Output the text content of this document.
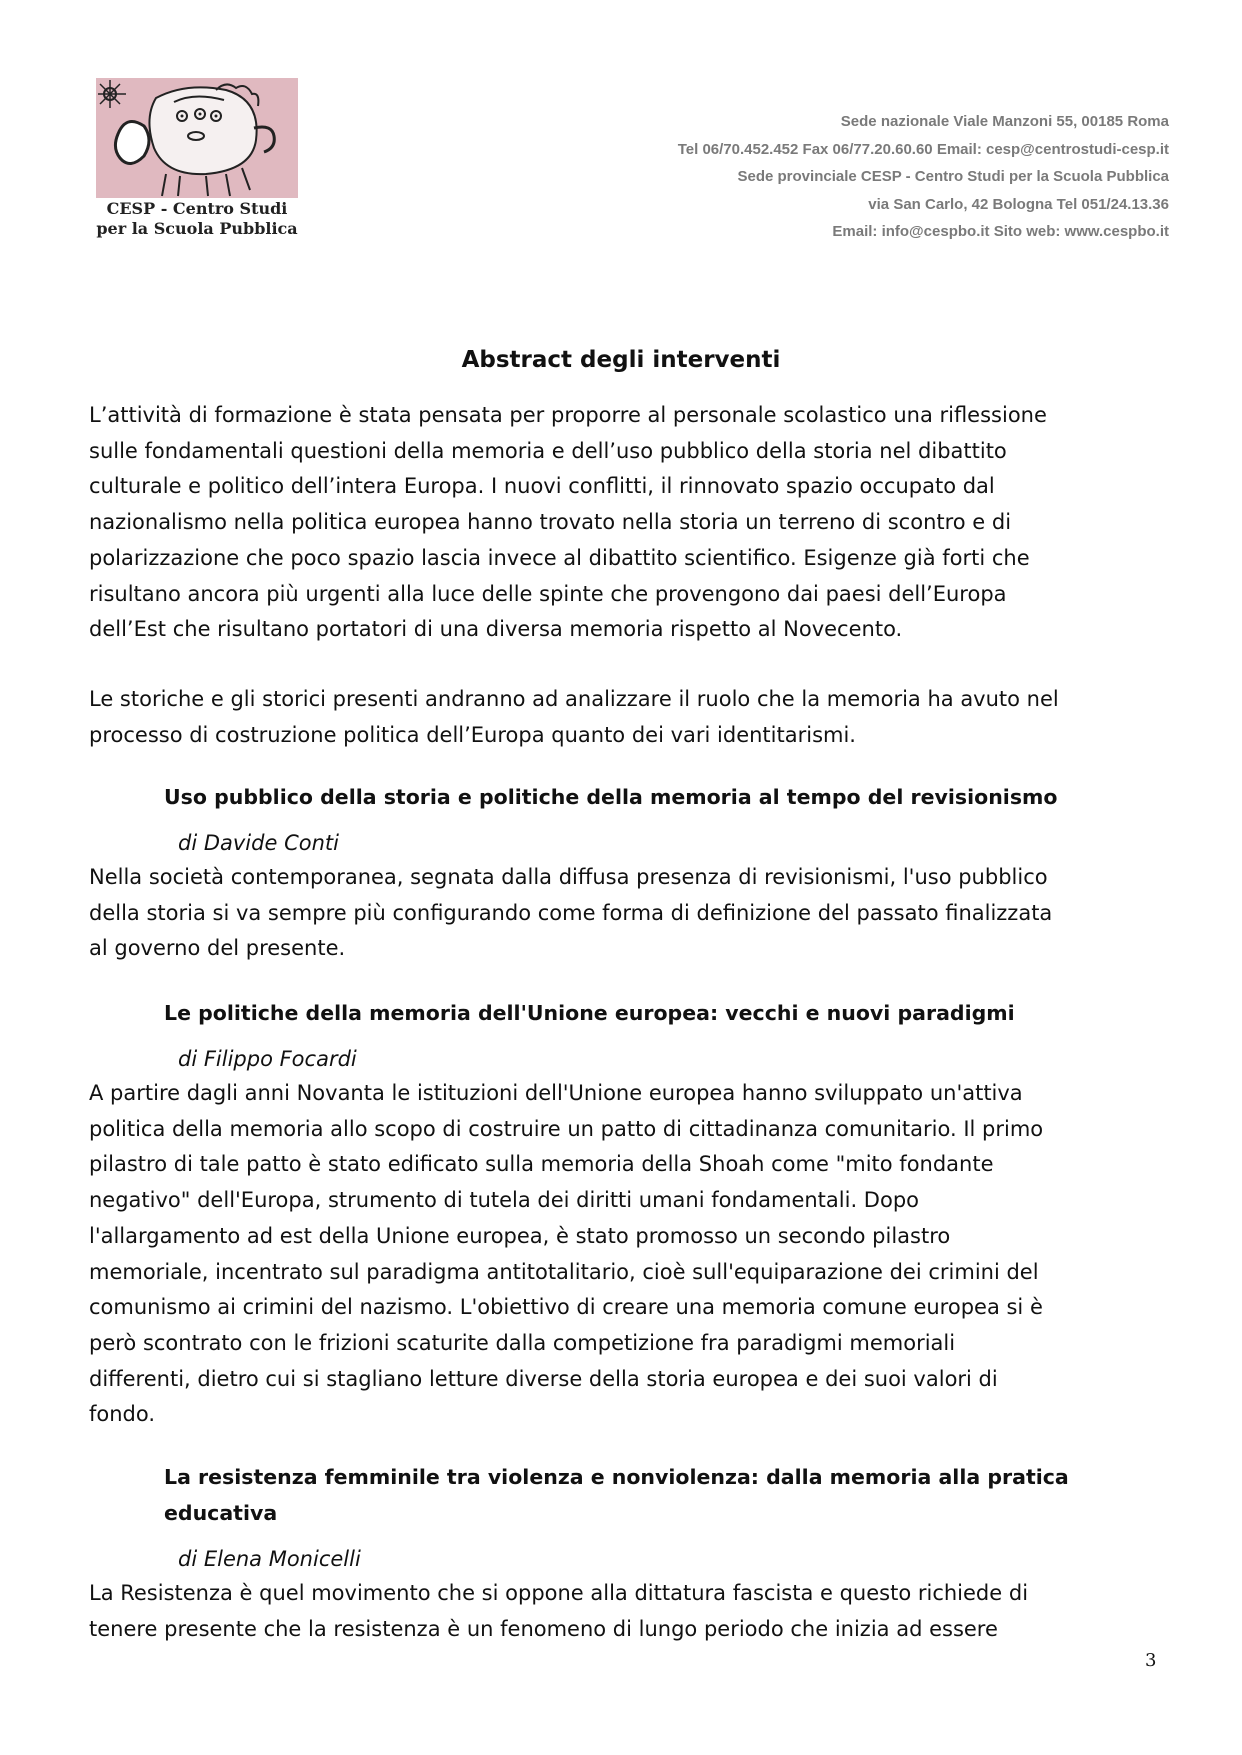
CESP - Centro Studi
per la Scuola Pubblica
Sede nazionale Viale Manzoni 55, 00185 Roma
Tel 06/70.452.452 Fax 06/77.20.60.60 Email: cesp@centrostudi-cesp.it
Sede provinciale CESP - Centro Studi per la Scuola Pubblica
via San Carlo, 42 Bologna Tel 051/24.13.36
Email: info@cespbo.it Sito web: www.cespbo.it
Abstract degli interventi
L’attività di formazione è stata pensata per proporre al personale scolastico una riflessione
sulle fondamentali questioni della memoria e dell’uso pubblico della storia nel dibattito
culturale e politico dell’intera Europa. I nuovi conflitti, il rinnovato spazio occupato dal
nazionalismo nella politica europea hanno trovato nella storia un terreno di scontro e di
polarizzazione che poco spazio lascia invece al dibattito scientifico. Esigenze già forti che
risultano ancora più urgenti alla luce delle spinte che provengono dai paesi dell’Europa
dell’Est che risultano portatori di una diversa memoria rispetto al Novecento.
Le storiche e gli storici presenti andranno ad analizzare il ruolo che la memoria ha avuto nel
processo di costruzione politica dell’Europa quanto dei vari identitarismi.
Uso pubblico della storia e politiche della memoria al tempo del revisionismo
di Davide Conti
Nella società contemporanea, segnata dalla diffusa presenza di revisionismi, l'uso pubblico
della storia si va sempre più configurando come forma di definizione del passato finalizzata
al governo del presente.
Le politiche della memoria dell'Unione europea: vecchi e nuovi paradigmi
di Filippo Focardi
A partire dagli anni Novanta le istituzioni dell'Unione europea hanno sviluppato un'attiva
politica della memoria allo scopo di costruire un patto di cittadinanza comunitario. Il primo
pilastro di tale patto è stato edificato sulla memoria della Shoah come "mito fondante
negativo" dell'Europa, strumento di tutela dei diritti umani fondamentali. Dopo
l'allargamento ad est della Unione europea, è stato promosso un secondo pilastro
memoriale, incentrato sul paradigma antitotalitario, cioè sull'equiparazione dei crimini del
comunismo ai crimini del nazismo. L'obiettivo di creare una memoria comune europea si è
però scontrato con le frizioni scaturite dalla competizione fra paradigmi memoriali
differenti, dietro cui si stagliano letture diverse della storia europea e dei suoi valori di
fondo.
La resistenza femminile tra violenza e nonviolenza: dalla memoria alla pratica
educativa
di Elena Monicelli
La Resistenza è quel movimento che si oppone alla dittatura fascista e questo richiede di
tenere presente che la resistenza è un fenomeno di lungo periodo che inizia ad essere
3
